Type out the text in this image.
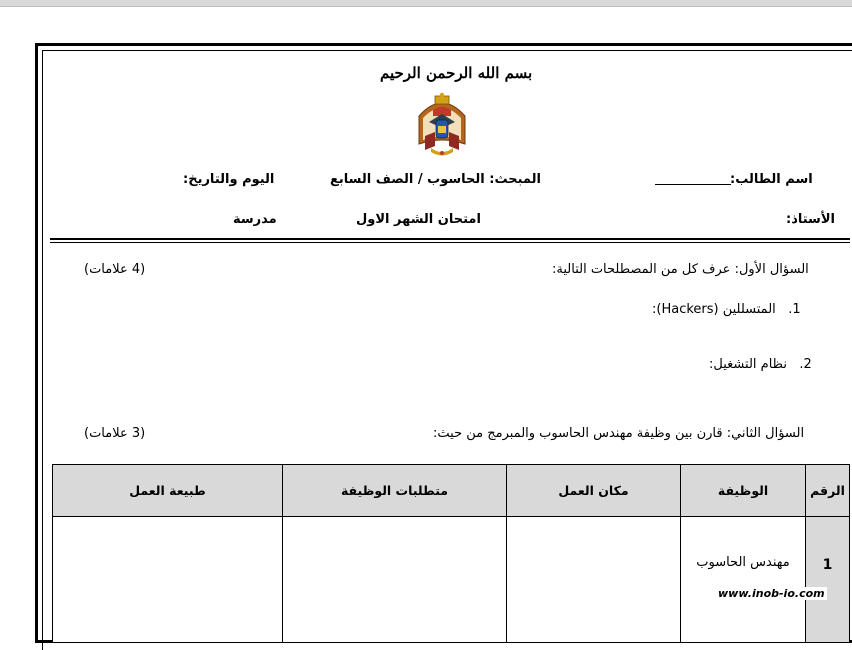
بسم الله الرحمن الرحيم
اسم الطالب:
المبحث: الحاسوب / الصف السابع
اليوم والتاريخ:
الأستاذ:
امتحان الشهر الاول
مدرسة
السؤال الأول: عرف كل من المصطلحات التالية:
(4 علامات)
1.   المتسللين (Hackers):
2.   نظام التشغيل:
السؤال الثاني: قارن بين وظيفة مهندس الحاسوب والمبرمج من حيث:
(3 علامات)
الرقم	الوظيفة	مكان العمل	متطلبات الوظيفة	طبيعة العمل

1	مهندس الحاسوب			

www.inob-io.com
